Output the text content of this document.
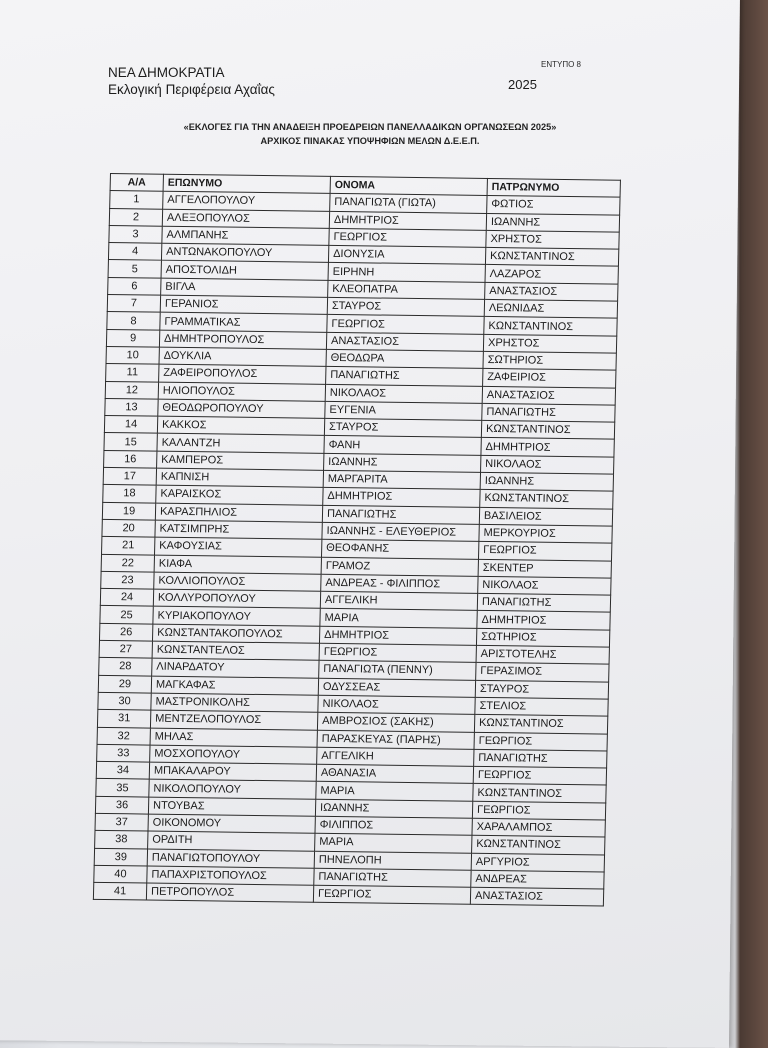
ΝΕΑ ΔΗΜΟΚΡΑΤΙΑ
Εκλογική Περιφέρεια Αχαΐας
ΕΝΤΥΠΟ 8
2025
«ΕΚΛΟΓΕΣ ΓΙΑ ΤΗΝ ΑΝΑΔΕΙΞΗ ΠΡΟΕΔΡΕΙΩΝ ΠΑΝΕΛΛΑΔΙΚΩΝ ΟΡΓΑΝΩΣΕΩΝ 2025»
ΑΡΧΙΚΟΣ ΠΙΝΑΚΑΣ ΥΠΟΨΗΦΙΩΝ ΜΕΛΩΝ Δ.Ε.Ε.Π.
Α/Α	ΕΠΩΝΥΜΟ	ΟΝΟΜΑ	ΠΑΤΡΩΝΥΜΟ
1	ΑΓΓΕΛΟΠΟΥΛΟΥ	ΠΑΝΑΓΙΩΤΑ (ΓΙΩΤΑ)	ΦΩΤΙΟΣ
2	ΑΛΕΞΟΠΟΥΛΟΣ	ΔΗΜΗΤΡΙΟΣ	ΙΩΑΝΝΗΣ
3	ΑΛΜΠΑΝΗΣ	ΓΕΩΡΓΙΟΣ	ΧΡΗΣΤΟΣ
4	ΑΝΤΩΝΑΚΟΠΟΥΛΟΥ	ΔΙΟΝΥΣΙΑ	ΚΩΝΣΤΑΝΤΙΝΟΣ
5	ΑΠΟΣΤΟΛΙΔΗ	ΕΙΡΗΝΗ	ΛΑΖΑΡΟΣ
6	ΒΙΓΛΑ	ΚΛΕΟΠΑΤΡΑ	ΑΝΑΣΤΑΣΙΟΣ
7	ΓΕΡΑΝΙΟΣ	ΣΤΑΥΡΟΣ	ΛΕΩΝΙΔΑΣ
8	ΓΡΑΜΜΑΤΙΚΑΣ	ΓΕΩΡΓΙΟΣ	ΚΩΝΣΤΑΝΤΙΝΟΣ
9	ΔΗΜΗΤΡΟΠΟΥΛΟΣ	ΑΝΑΣΤΑΣΙΟΣ	ΧΡΗΣΤΟΣ
10	ΔΟΥΚΛΙΑ	ΘΕΟΔΩΡΑ	ΣΩΤΗΡΙΟΣ
11	ΖΑΦΕΙΡΟΠΟΥΛΟΣ	ΠΑΝΑΓΙΩΤΗΣ	ΖΑΦΕΙΡΙΟΣ
12	ΗΛΙΟΠΟΥΛΟΣ	ΝΙΚΟΛΑΟΣ	ΑΝΑΣΤΑΣΙΟΣ
13	ΘΕΟΔΩΡΟΠΟΥΛΟΥ	ΕΥΓΕΝΙΑ	ΠΑΝΑΓΙΩΤΗΣ
14	ΚΑΚΚΟΣ	ΣΤΑΥΡΟΣ	ΚΩΝΣΤΑΝΤΙΝΟΣ
15	ΚΑΛΑΝΤΖΗ	ΦΑΝΗ	ΔΗΜΗΤΡΙΟΣ
16	ΚΑΜΠΕΡΟΣ	ΙΩΑΝΝΗΣ	ΝΙΚΟΛΑΟΣ
17	ΚΑΠΝΙΣΗ	ΜΑΡΓΑΡΙΤΑ	ΙΩΑΝΝΗΣ
18	ΚΑΡΑΙΣΚΟΣ	ΔΗΜΗΤΡΙΟΣ	ΚΩΝΣΤΑΝΤΙΝΟΣ
19	ΚΑΡΑΣΠΗΛΙΟΣ	ΠΑΝΑΓΙΩΤΗΣ	ΒΑΣΙΛΕΙΟΣ
20	ΚΑΤΣΙΜΠΡΗΣ	ΙΩΑΝΝΗΣ - ΕΛΕΥΘΕΡΙΟΣ	ΜΕΡΚΟΥΡΙΟΣ
21	ΚΑΦΟΥΣΙΑΣ	ΘΕΟΦΑΝΗΣ	ΓΕΩΡΓΙΟΣ
22	ΚΙΑΦΑ	ΓΡΑΜΟΖ	ΣΚΕΝΤΕΡ
23	ΚΟΛΛΙΟΠΟΥΛΟΣ	ΑΝΔΡΕΑΣ - ΦΙΛΙΠΠΟΣ	ΝΙΚΟΛΑΟΣ
24	ΚΟΛΛΥΡΟΠΟΥΛΟΥ	ΑΓΓΕΛΙΚΗ	ΠΑΝΑΓΙΩΤΗΣ
25	ΚΥΡΙΑΚΟΠΟΥΛΟΥ	ΜΑΡΙΑ	ΔΗΜΗΤΡΙΟΣ
26	ΚΩΝΣΤΑΝΤΑΚΟΠΟΥΛΟΣ	ΔΗΜΗΤΡΙΟΣ	ΣΩΤΗΡΙΟΣ
27	ΚΩΝΣΤΑΝΤΕΛΟΣ	ΓΕΩΡΓΙΟΣ	ΑΡΙΣΤΟΤΕΛΗΣ
28	ΛΙΝΑΡΔΑΤΟΥ	ΠΑΝΑΓΙΩΤΑ (ΠΕΝΝΥ)	ΓΕΡΑΣΙΜΟΣ
29	ΜΑΓΚΑΦΑΣ	ΟΔΥΣΣΕΑΣ	ΣΤΑΥΡΟΣ
30	ΜΑΣΤΡΟΝΙΚΟΛΗΣ	ΝΙΚΟΛΑΟΣ	ΣΤΕΛΙΟΣ
31	ΜΕΝΤΖΕΛΟΠΟΥΛΟΣ	ΑΜΒΡΟΣΙΟΣ (ΣΑΚΗΣ)	ΚΩΝΣΤΑΝΤΙΝΟΣ
32	ΜΗΛΑΣ	ΠΑΡΑΣΚΕΥΑΣ (ΠΑΡΗΣ)	ΓΕΩΡΓΙΟΣ
33	ΜΟΣΧΟΠΟΥΛΟΥ	ΑΓΓΕΛΙΚΗ	ΠΑΝΑΓΙΩΤΗΣ
34	ΜΠΑΚΑΛΑΡΟΥ	ΑΘΑΝΑΣΙΑ	ΓΕΩΡΓΙΟΣ
35	ΝΙΚΟΛΟΠΟΥΛΟΥ	ΜΑΡΙΑ	ΚΩΝΣΤΑΝΤΙΝΟΣ
36	ΝΤΟΥΒΑΣ	ΙΩΑΝΝΗΣ	ΓΕΩΡΓΙΟΣ
37	ΟΙΚΟΝΟΜΟΥ	ΦΙΛΙΠΠΟΣ	ΧΑΡΑΛΑΜΠΟΣ
38	ΟΡΔΙΤΗ	ΜΑΡΙΑ	ΚΩΝΣΤΑΝΤΙΝΟΣ
39	ΠΑΝΑΓΙΩΤΟΠΟΥΛΟΥ	ΠΗΝΕΛΟΠΗ	ΑΡΓΥΡΙΟΣ
40	ΠΑΠΑΧΡΙΣΤΟΠΟΥΛΟΣ	ΠΑΝΑΓΙΩΤΗΣ	ΑΝΔΡΕΑΣ
41	ΠΕΤΡΟΠΟΥΛΟΣ	ΓΕΩΡΓΙΟΣ	ΑΝΑΣΤΑΣΙΟΣ
